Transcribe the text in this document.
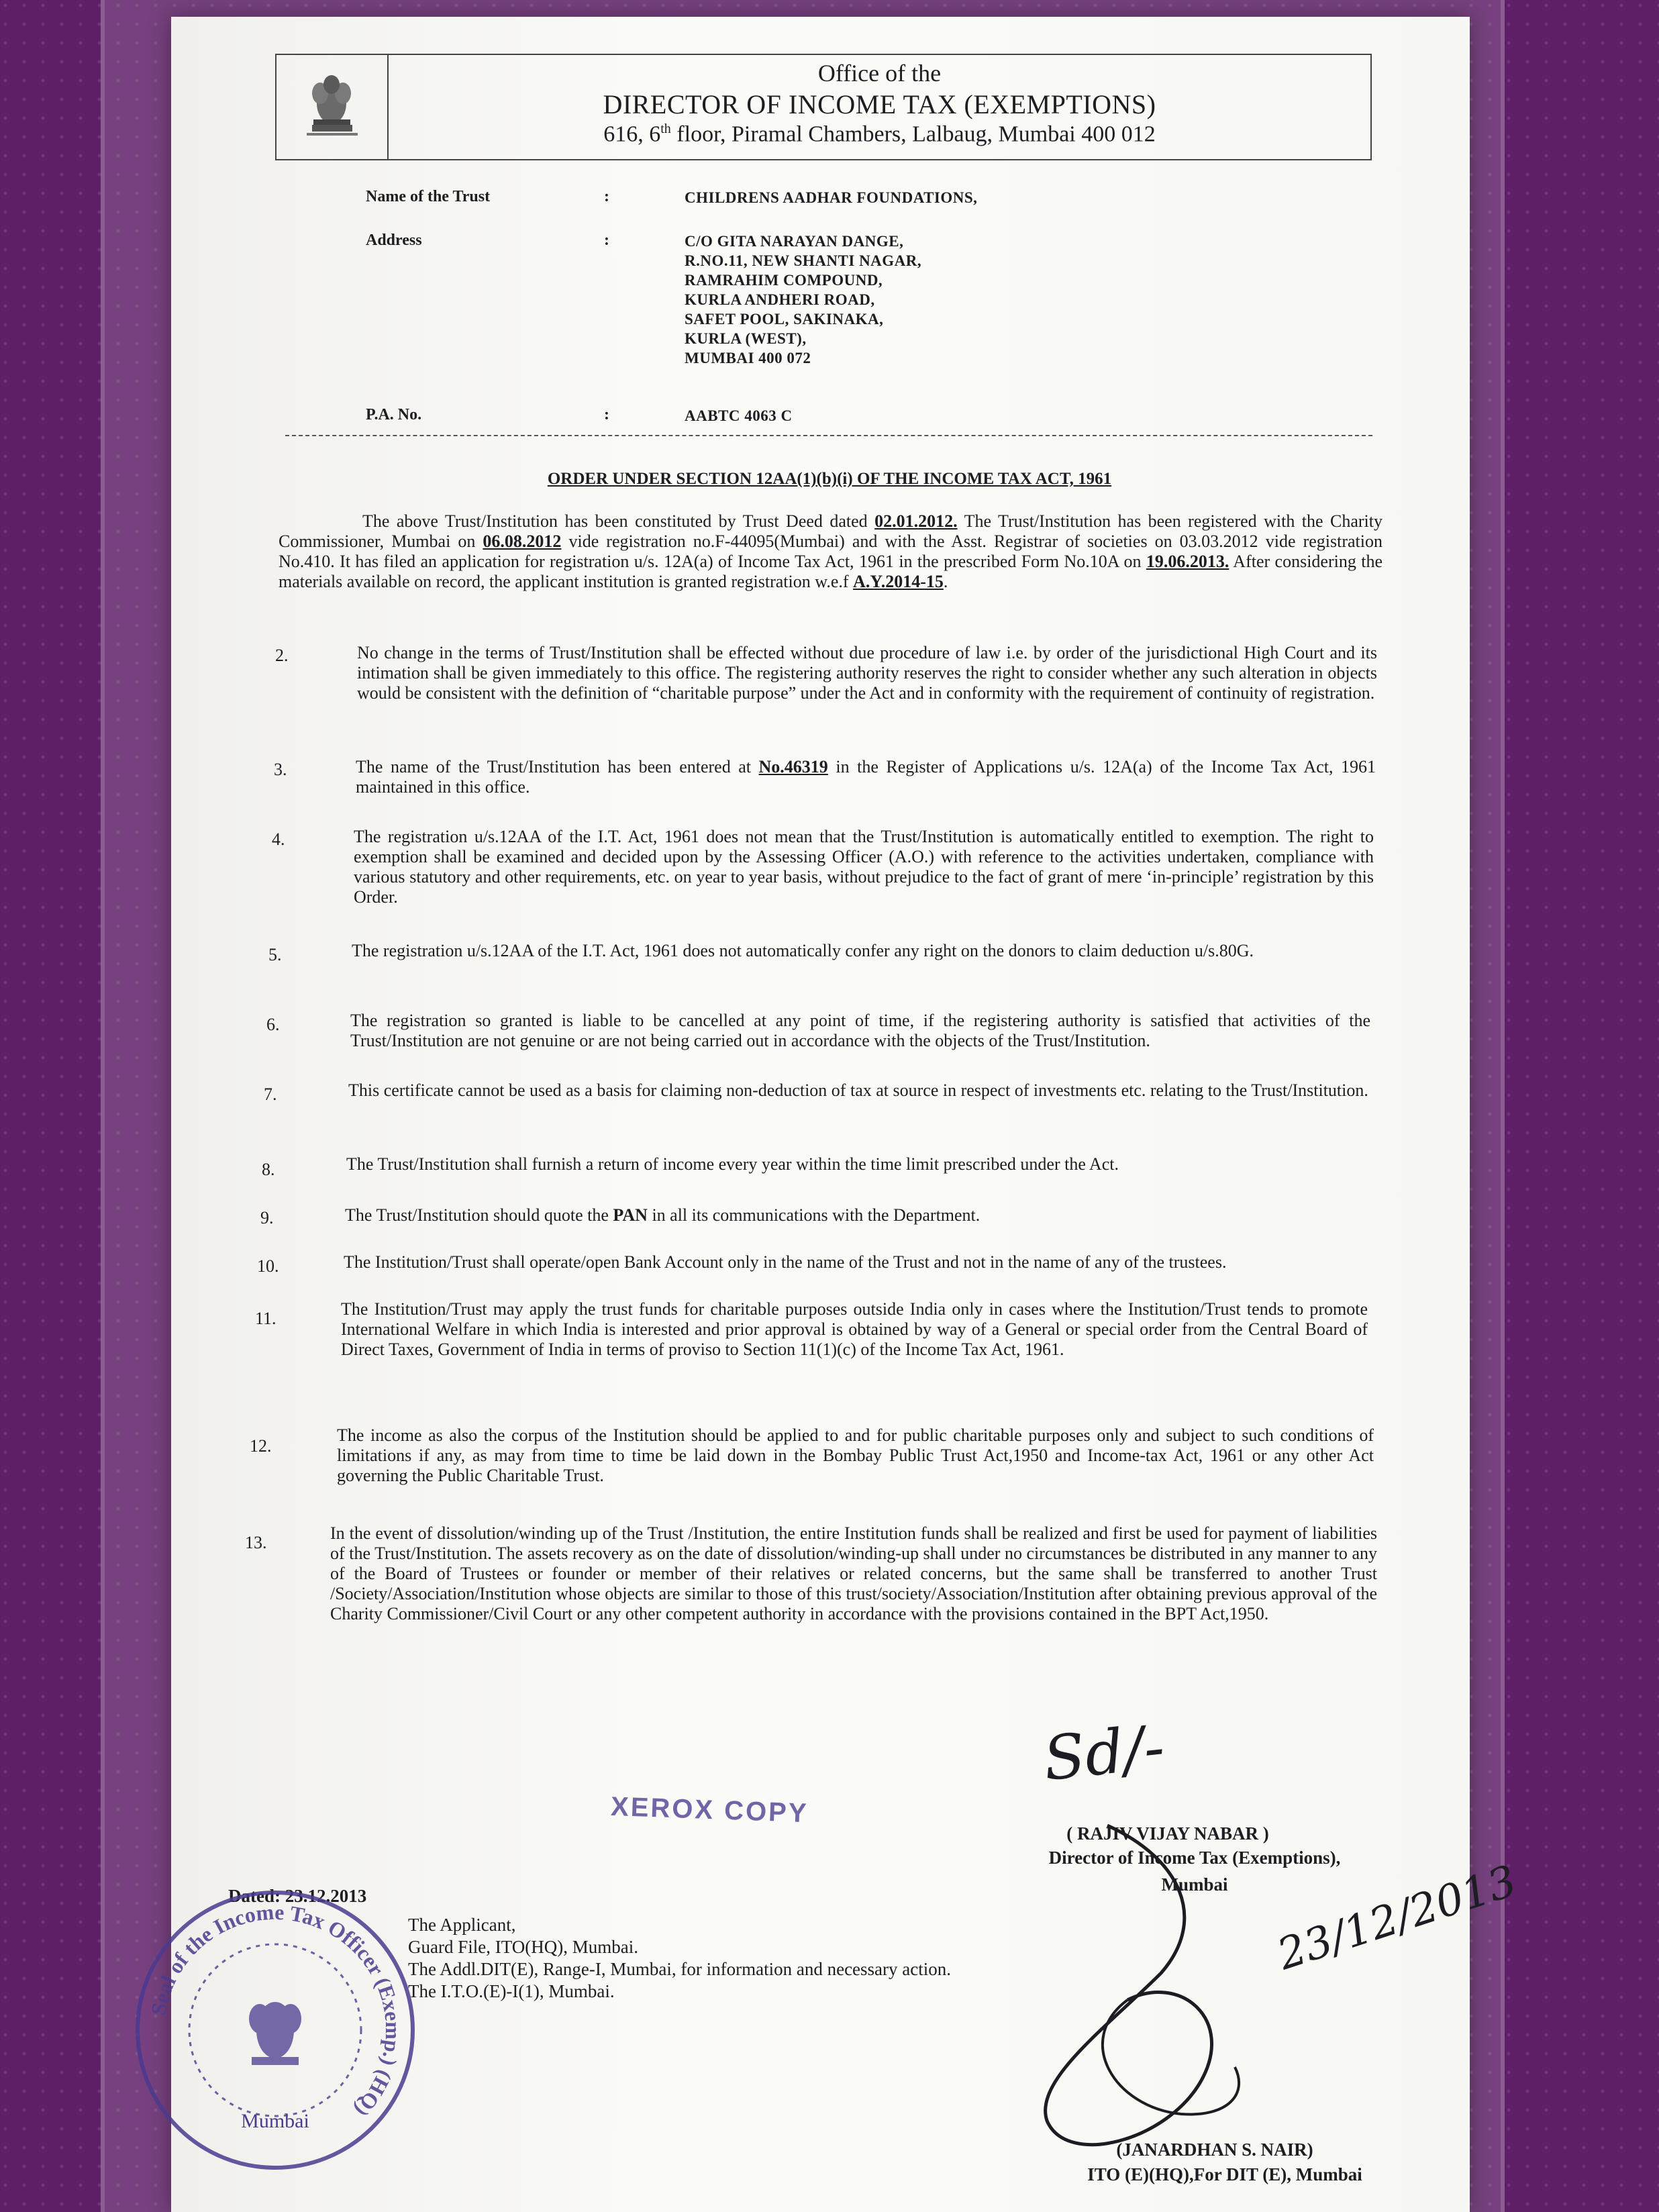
Office of the
DIRECTOR OF INCOME TAX (EXEMPTIONS)
616, 6th floor, Piramal Chambers, Lalbaug, Mumbai 400 012
Name of the Trust	:	CHILDRENS AADHAR FOUNDATIONS,
Address	:	C/O GITA NARAYAN DANGE,
R.NO.11, NEW SHANTI NAGAR,
RAMRAHIM COMPOUND,
KURLA ANDHERI ROAD,
SAFET POOL, SAKINAKA,
KURLA (WEST),
MUMBAI 400 072
P.A. No.	:	AABTC 4063 C
ORDER UNDER SECTION 12AA(1)(b)(i) OF THE INCOME TAX ACT, 1961
The above Trust/Institution has been constituted by Trust Deed dated 02.01.2012. The Trust/Institution has been registered with the Charity Commissioner, Mumbai on 06.08.2012 vide registration no.F-44095(Mumbai) and with the Asst. Registrar of societies on 03.03.2012 vide registration No.410. It has filed an application for registration u/s. 12A(a) of Income Tax Act, 1961 in the prescribed Form No.10A on 19.06.2013. After considering the materials available on record, the applicant institution is granted registration w.e.f A.Y.2014-15.
2.	No change in the terms of Trust/Institution shall be effected without due procedure of law i.e. by order of the jurisdictional High Court and its intimation shall be given immediately to this office. The registering authority reserves the right to consider whether any such alteration in objects would be consistent with the definition of “charitable purpose” under the Act and in conformity with the requirement of continuity of registration.
3.	The name of the Trust/Institution has been entered at No.46319 in the Register of Applications u/s. 12A(a) of the Income Tax Act, 1961 maintained in this office.
4.	The registration u/s.12AA of the I.T. Act, 1961 does not mean that the Trust/Institution is automatically entitled to exemption. The right to exemption shall be examined and decided upon by the Assessing Officer (A.O.) with reference to the activities undertaken, compliance with various statutory and other requirements, etc. on year to year basis, without prejudice to the fact of grant of mere ‘in-principle’ registration by this Order.
5.	The registration u/s.12AA of the I.T. Act, 1961 does not automatically confer any right on the donors to claim deduction u/s.80G.
6.	The registration so granted is liable to be cancelled at any point of time, if the registering authority is satisfied that activities of the Trust/Institution are not genuine or are not being carried out in accordance with the objects of the Trust/Institution.
7.	This certificate cannot be used as a basis for claiming non-deduction of tax at source in respect of investments etc. relating to the Trust/Institution.
8.	The Trust/Institution shall furnish a return of income every year within the time limit prescribed under the Act.
9.	The Trust/Institution should quote the PAN in all its communications with the Department.
10.	The Institution/Trust shall operate/open Bank Account only in the name of the Trust and not in the name of any of the trustees.
11.	The Institution/Trust may apply the trust funds for charitable purposes outside India only in cases where the Institution/Trust tends to promote International Welfare in which India is interested and prior approval is obtained by way of a General or special order from the Central Board of Direct Taxes, Government of India in terms of proviso to Section 11(1)(c) of the Income Tax Act, 1961.
12.
The income as also the corpus of the Institution should be applied to and for public charitable purposes only and subject to such conditions of limitations if any, as may from time to time be laid down in the Bombay Public Trust Act,1950 and Income-tax Act, 1961 or any other Act governing the Public Charitable Trust.
13.	In the event of dissolution/winding up of the Trust /Institution, the entire Institution funds shall be realized and first be used for payment of liabilities of the Trust/Institution. The assets recovery as on the date of dissolution/winding-up shall under no circumstances be distributed in any manner to any of the Board of Trustees or founder or member of their relatives or related concerns, but the same shall be transferred to another Trust /Society/Association/Institution whose objects are similar to those of this trust/society/Association/Institution after obtaining previous approval of the Charity Commissioner/Civil Court or any other competent authority in accordance with the provisions contained in the BPT Act,1950.
Sd/-
( RAJIV VIJAY NABAR )
Director of Income Tax (Exemptions),
Mumbai
XEROX COPY
Dated: 23.12.2013
The Applicant,
Guard File, ITO(HQ), Mumbai.
The Addl.DIT(E), Range-I, Mumbai, for information and necessary action.
The I.T.O.(E)-I(1), Mumbai.
Seal of the Income Tax Officer (Exemp.) (HQ)
Mumbai
23/12/2013
(JANARDHAN S. NAIR)
ITO (E)(HQ),For DIT (E), Mumbai
